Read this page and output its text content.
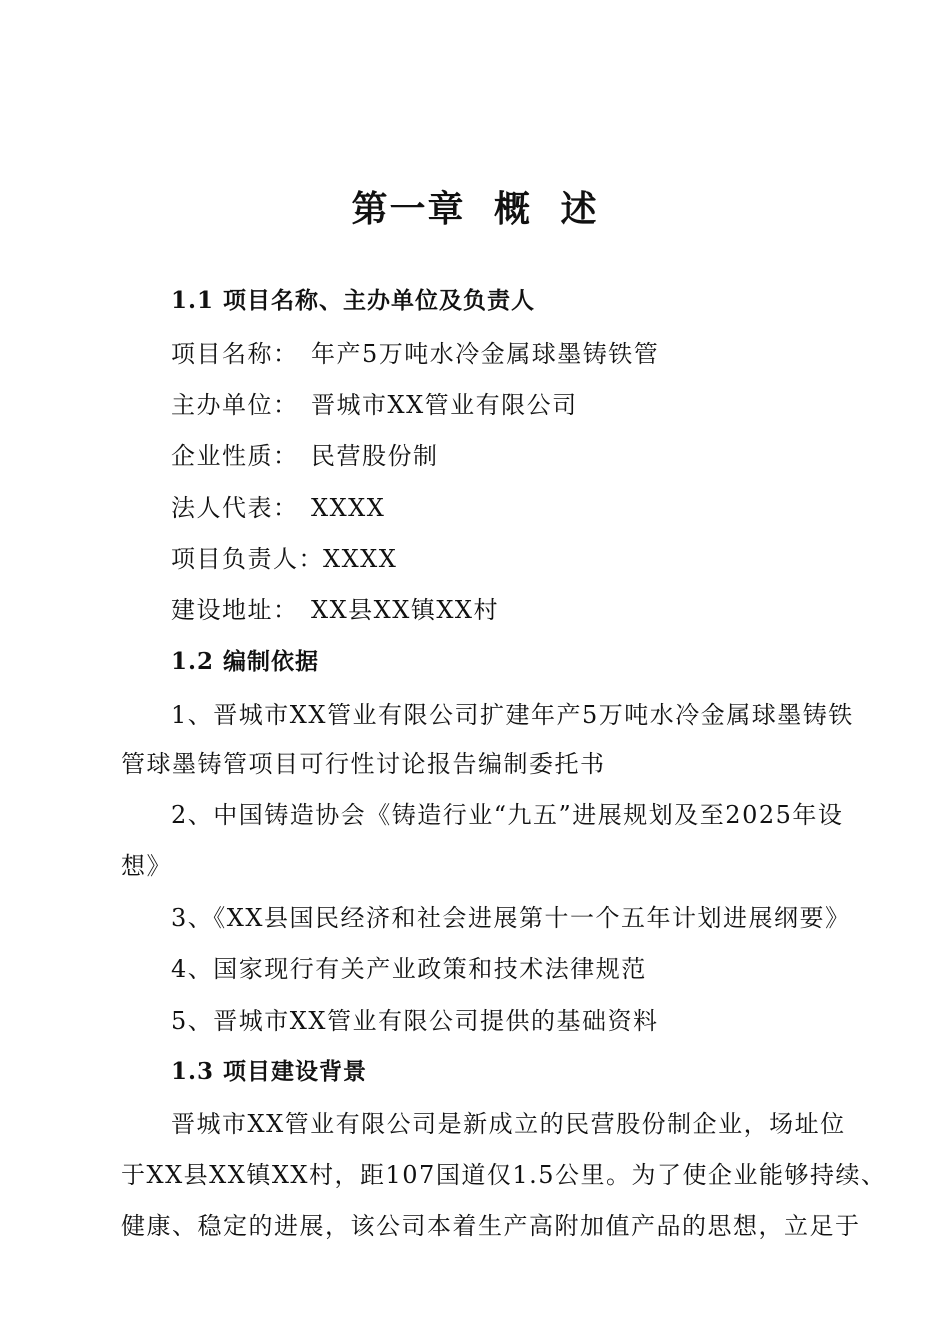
第一章 概 述
1.1 项目名称、主办单位及负责人
项目名称： 年产5万吨水冷金属球墨铸铁管
主办单位： 晋城市XX管业有限公司
企业性质： 民营股份制
法人代表： XXXX
项目负责人：XXXX
建设地址： XX县XX镇XX村
1.2 编制依据
1、晋城市XX管业有限公司扩建年产5万吨水冷金属球墨铸铁
管球墨铸管项目可行性讨论报告编制委托书
2、中国铸造协会《铸造行业“九五”进展规划及至2025年设
想》
3、《XX县国民经济和社会进展第十一个五年计划进展纲要》
4、国家现行有关产业政策和技术法律规范
5、晋城市XX管业有限公司提供的基础资料
1.3 项目建设背景
晋城市XX管业有限公司是新成立的民营股份制企业，场址位
于XX县XX镇XX村，距107国道仅1.5公里。为了使企业能够持续、
健康、稳定的进展，该公司本着生产高附加值产品的思想，立足于
